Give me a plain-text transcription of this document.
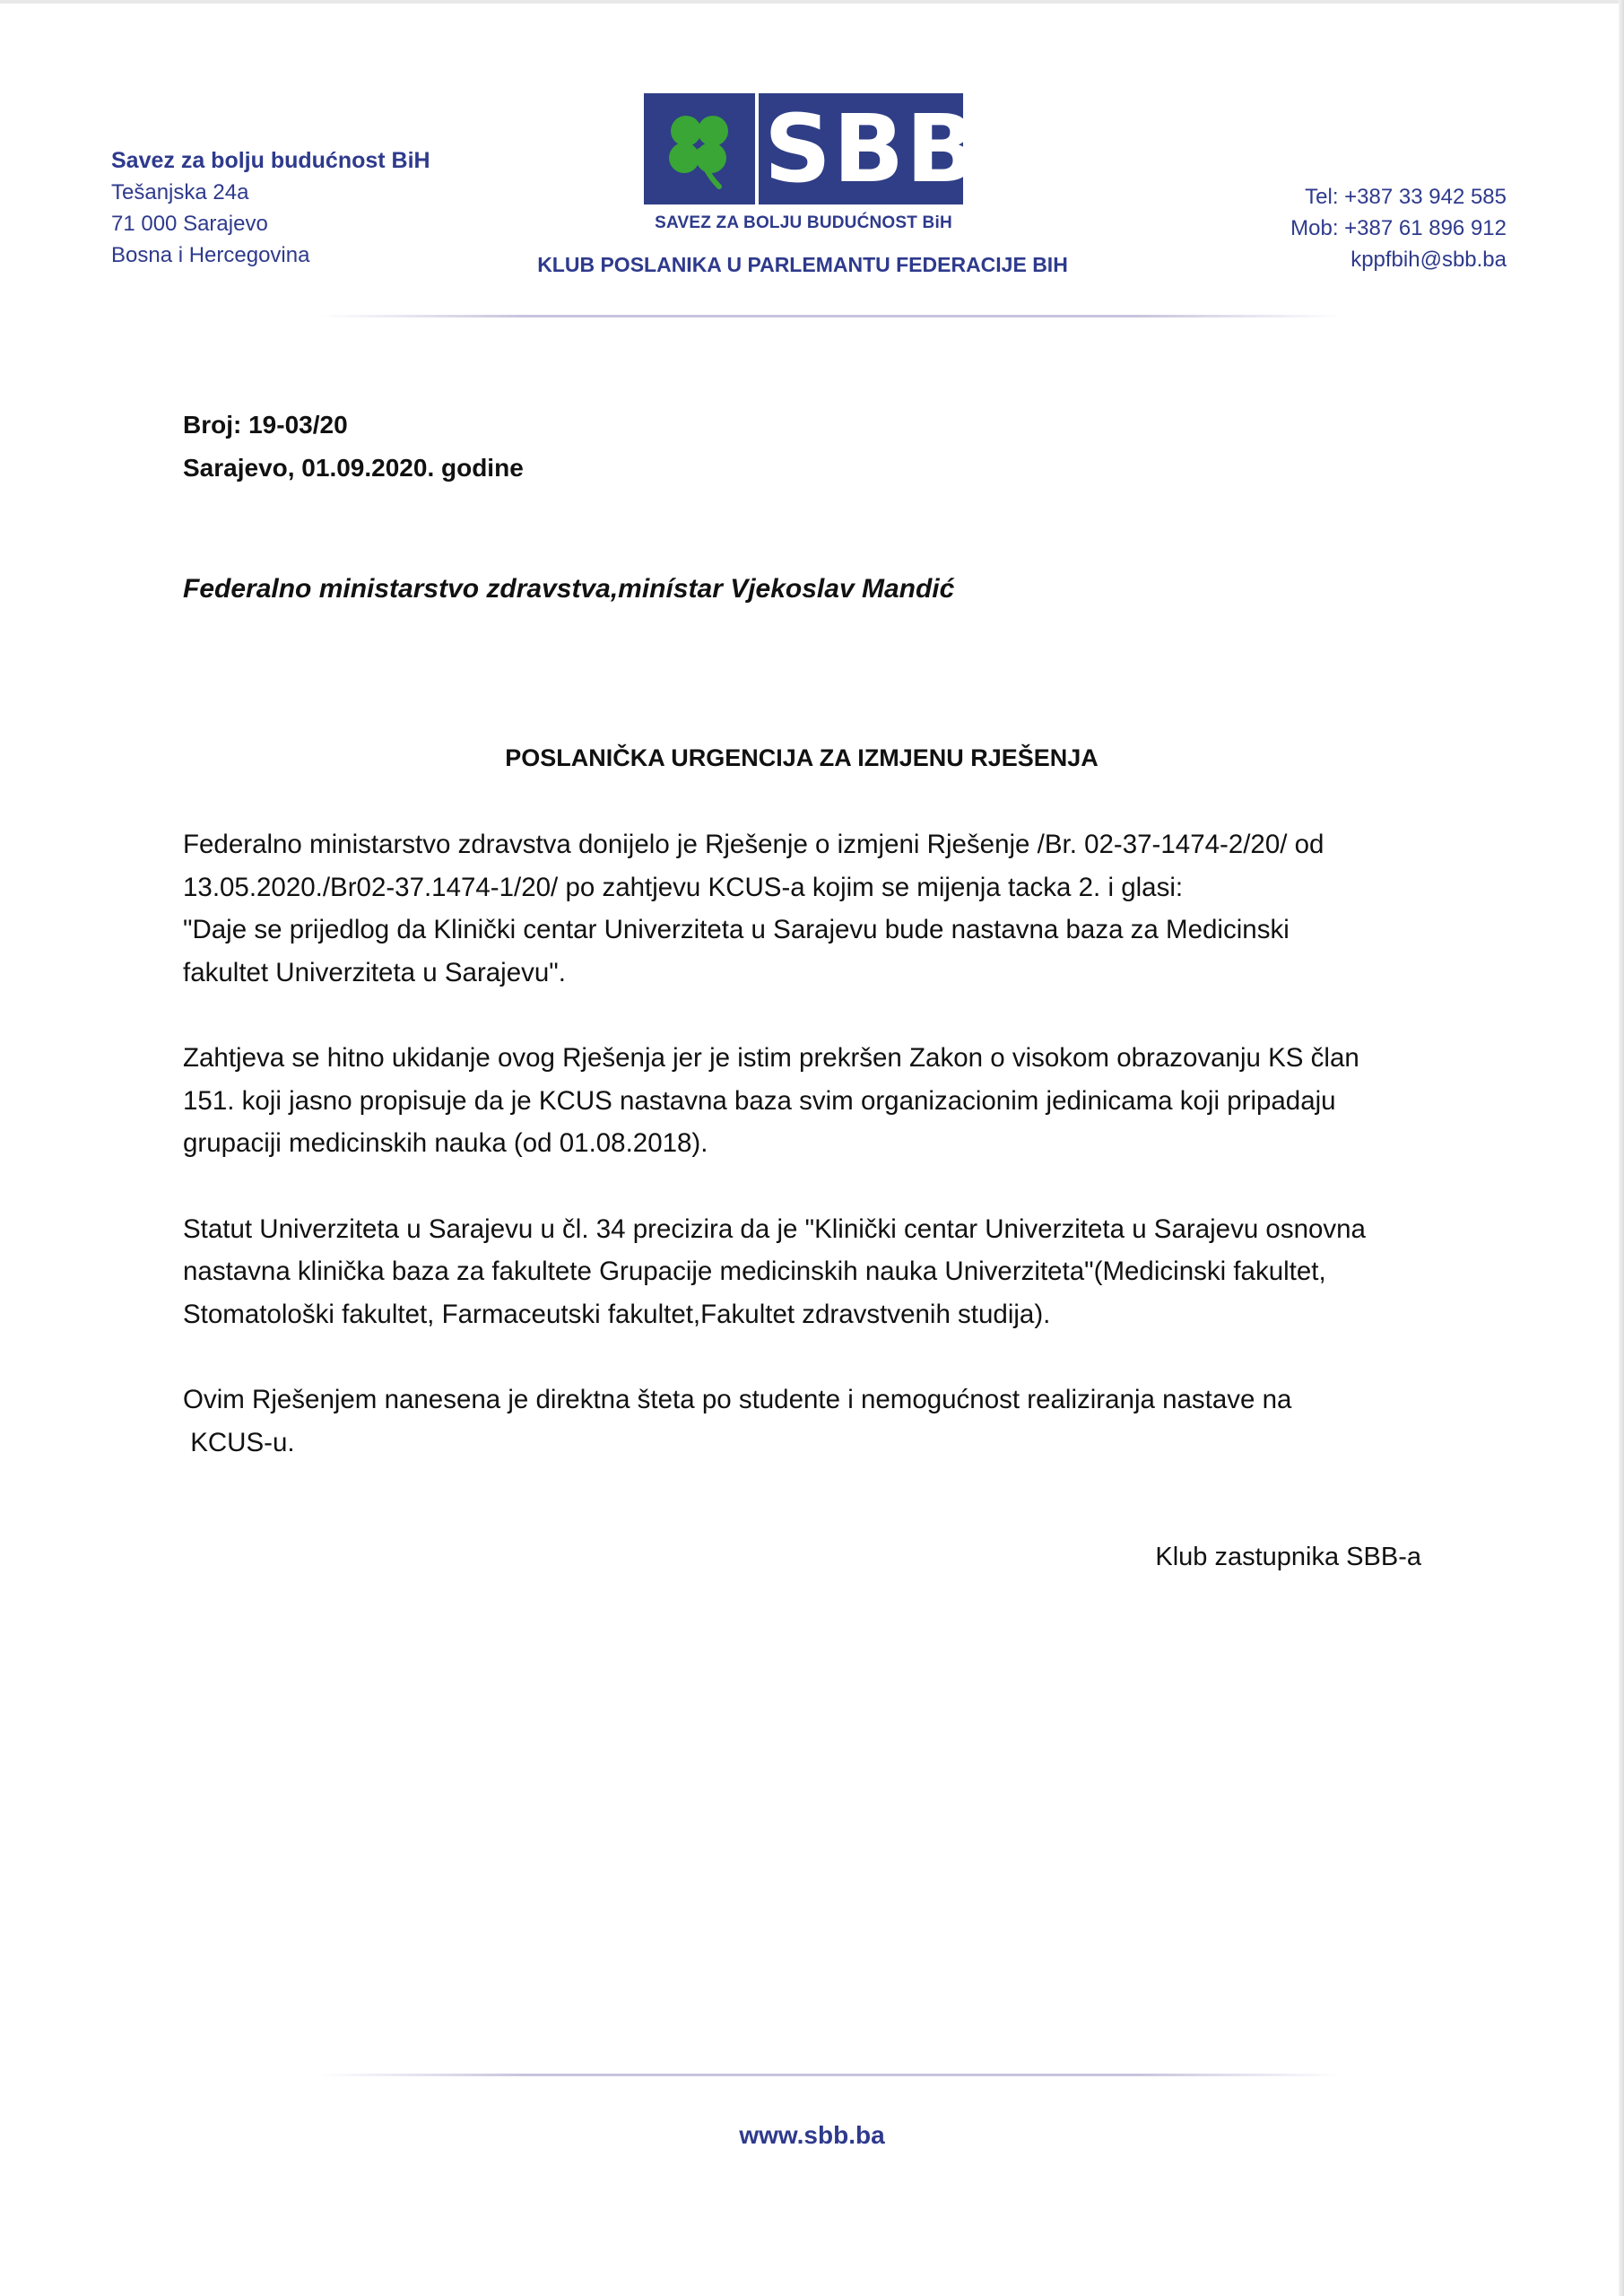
Savez za bolju budućnost BiH
Tešanjska 24a
71 000 Sarajevo
Bosna i Hercegovina
SBB
SAVEZ ZA BOLJU BUDUĆNOST BiH
KLUB POSLANIKA U PARLEMANTU FEDERACIJE BIH
Tel: +387 33 942 585
Mob: +387 61 896 912
kppfbih@sbb.ba
Broj: 19-03/20
Sarajevo, 01.09.2020. godine
Federalno ministarstvo zdravstva,minístar Vjekoslav Mandić
POSLANIČKA URGENCIJA ZA IZMJENU RJEŠENJA

Federalno ministarstvo zdravstva donijelo je Rješenje o izmjeni Rješenje /Br. 02-37-1474-2/20/ od
13.05.2020./Br02-37.1474-1/20/ po zahtjevu KCUS-a kojim se mijenja tacka 2. i glasi:
"Daje se prijedlog da Klinički centar Univerziteta u Sarajevu bude nastavna baza za Medicinski
fakultet Univerziteta u Sarajevu".

Zahtjeva se hitno ukidanje ovog Rješenja jer je istim prekršen Zakon o visokom obrazovanju KS član
151. koji jasno propisuje da je KCUS nastavna baza svim organizacionim jedinicama koji pripadaju
grupaciji medicinskih nauka (od 01.08.2018).

Statut Univerziteta u Sarajevu u čl. 34 precizira da je "Klinički centar Univerziteta u Sarajevu osnovna
nastavna klinička baza za fakultete Grupacije medicinskih nauka Univerziteta"(Medicinski fakultet,
Stomatološki fakultet, Farmaceutski fakultet,Fakultet zdravstvenih studija).

Ovim Rješenjem nanesena je direktna šteta po studente i nemogućnost realiziranja nastave na
KCUS-u.

Klub zastupnika SBB-a
www.sbb.ba
